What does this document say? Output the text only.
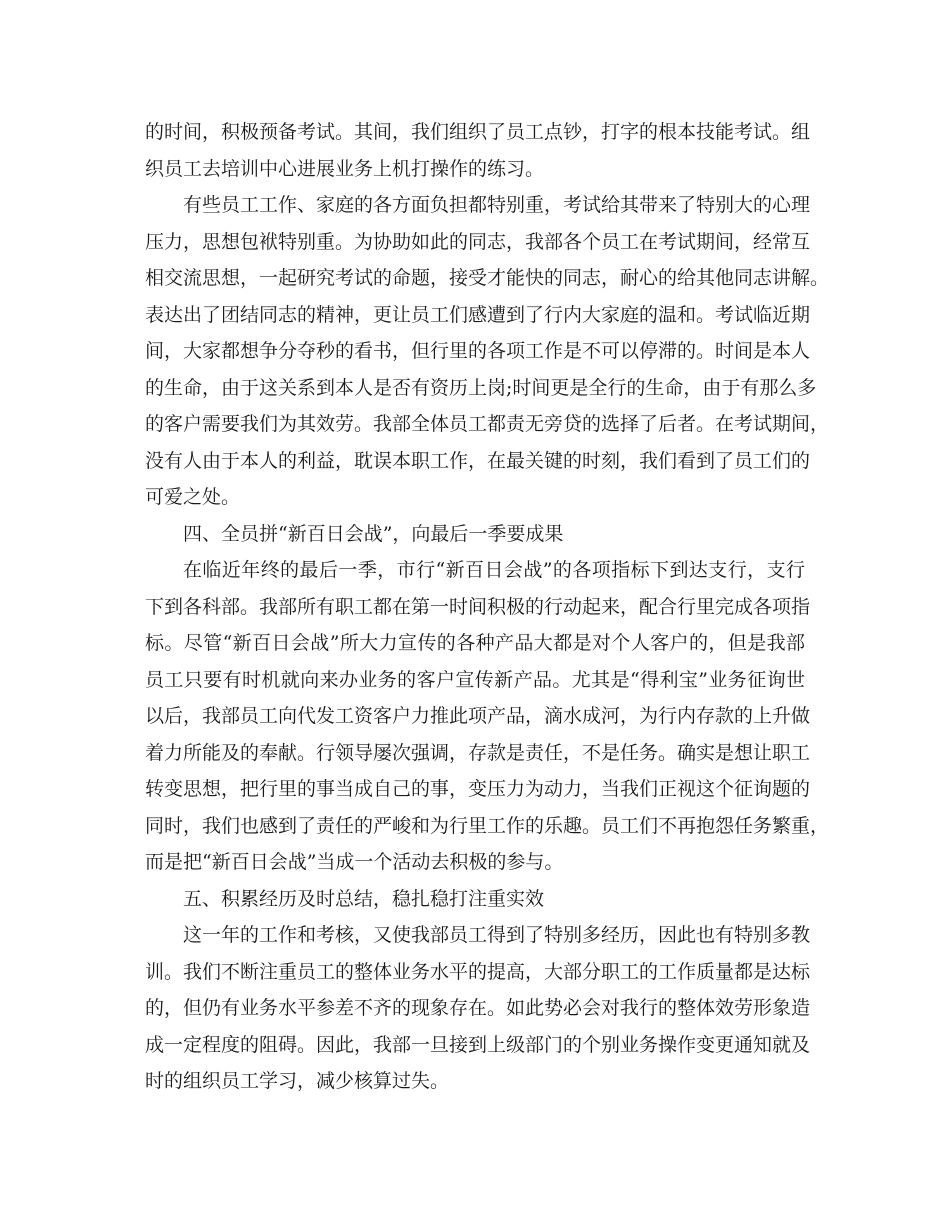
的时间，积极预备考试。其间，我们组织了员工点钞，打字的根本技能考试。组
织员工去培训中心进展业务上机打操作的练习。
有些员工工作、家庭的各方面负担都特别重，考试给其带来了特别大的心理
压力，思想包袱特别重。为协助如此的同志，我部各个员工在考试期间，经常互
相交流思想，一起研究考试的命题，接受才能快的同志，耐心的给其他同志讲解。
表达出了团结同志的精神，更让员工们感遭到了行内大家庭的温和。考试临近期
间，大家都想争分夺秒的看书，但行里的各项工作是不可以停滞的。时间是本人
的生命，由于这关系到本人是否有资历上岗;时间更是全行的生命，由于有那么多
的客户需要我们为其效劳。我部全体员工都责无旁贷的选择了后者。在考试期间，
没有人由于本人的利益，耽误本职工作，在最关键的时刻，我们看到了员工们的
可爱之处。
四、全员拼“新百日会战”，向最后一季要成果
在临近年终的最后一季，市行“新百日会战”的各项指标下到达支行，支行
下到各科部。我部所有职工都在第一时间积极的行动起来，配合行里完成各项指
标。尽管“新百日会战”所大力宣传的各种产品大都是对个人客户的，但是我部
员工只要有时机就向来办业务的客户宣传新产品。尤其是“得利宝”业务征询世
以后，我部员工向代发工资客户力推此项产品，滴水成河，为行内存款的上升做
着力所能及的奉献。行领导屡次强调，存款是责任，不是任务。确实是想让职工
转变思想，把行里的事当成自己的事，变压力为动力，当我们正视这个征询题的
同时，我们也感到了责任的严峻和为行里工作的乐趣。员工们不再抱怨任务繁重，
而是把“新百日会战”当成一个活动去积极的参与。
五、积累经历及时总结，稳扎稳打注重实效
这一年的工作和考核，又使我部员工得到了特别多经历，因此也有特别多教
训。我们不断注重员工的整体业务水平的提高，大部分职工的工作质量都是达标
的，但仍有业务水平参差不齐的现象存在。如此势必会对我行的整体效劳形象造
成一定程度的阻碍。因此，我部一旦接到上级部门的个别业务操作变更通知就及
时的组织员工学习，减少核算过失。
